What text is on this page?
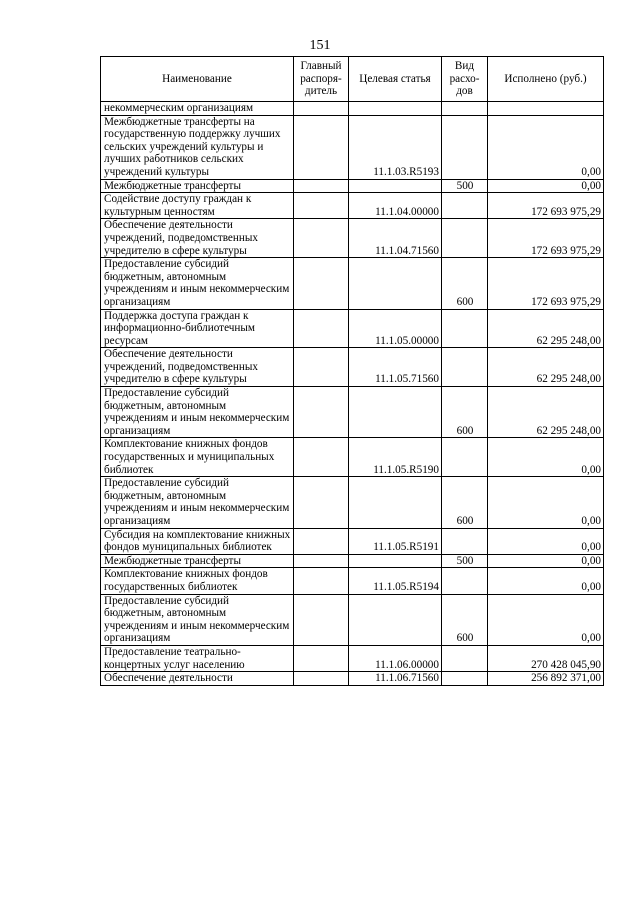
151
Наименование	Главный распоря-дитель	Целевая статья	Вид расхо-дов	Исполнено (руб.)
некоммерческим организациям				
Межбюджетные трансферты на государственную поддержку лучших сельских учреждений культуры и лучших работников сельских учреждений культуры		11.1.03.R5193		0,00
Межбюджетные трансферты			500	0,00
Содействие доступу граждан к культурным ценностям		11.1.04.00000		172 693 975,29
Обеспечение деятельности учреждений, подведомственных учредителю в сфере культуры		11.1.04.71560		172 693 975,29
Предоставление субсидий бюджетным, автономным учреждениям и иным некоммерческим организациям			600	172 693 975,29
Поддержка доступа граждан к информационно-библиотечным ресурсам		11.1.05.00000		62 295 248,00
Обеспечение деятельности учреждений, подведомственных учредителю в сфере культуры		11.1.05.71560		62 295 248,00
Предоставление субсидий бюджетным, автономным учреждениям и иным некоммерческим организациям			600	62 295 248,00
Комплектование книжных фондов государственных и муниципальных библиотек		11.1.05.R5190		0,00
Предоставление субсидий бюджетным, автономным учреждениям и иным некоммерческим организациям			600	0,00
Субсидия на комплектование книжных фондов муниципальных библиотек		11.1.05.R5191		0,00
Межбюджетные трансферты			500	0,00
Комплектование книжных фондов государственных библиотек		11.1.05.R5194		0,00
Предоставление субсидий бюджетным, автономным учреждениям и иным некоммерческим организациям			600	0,00
Предоставление театрально-концертных услуг населению		11.1.06.00000		270 428 045,90
Обеспечение деятельности		11.1.06.71560		256 892 371,00
